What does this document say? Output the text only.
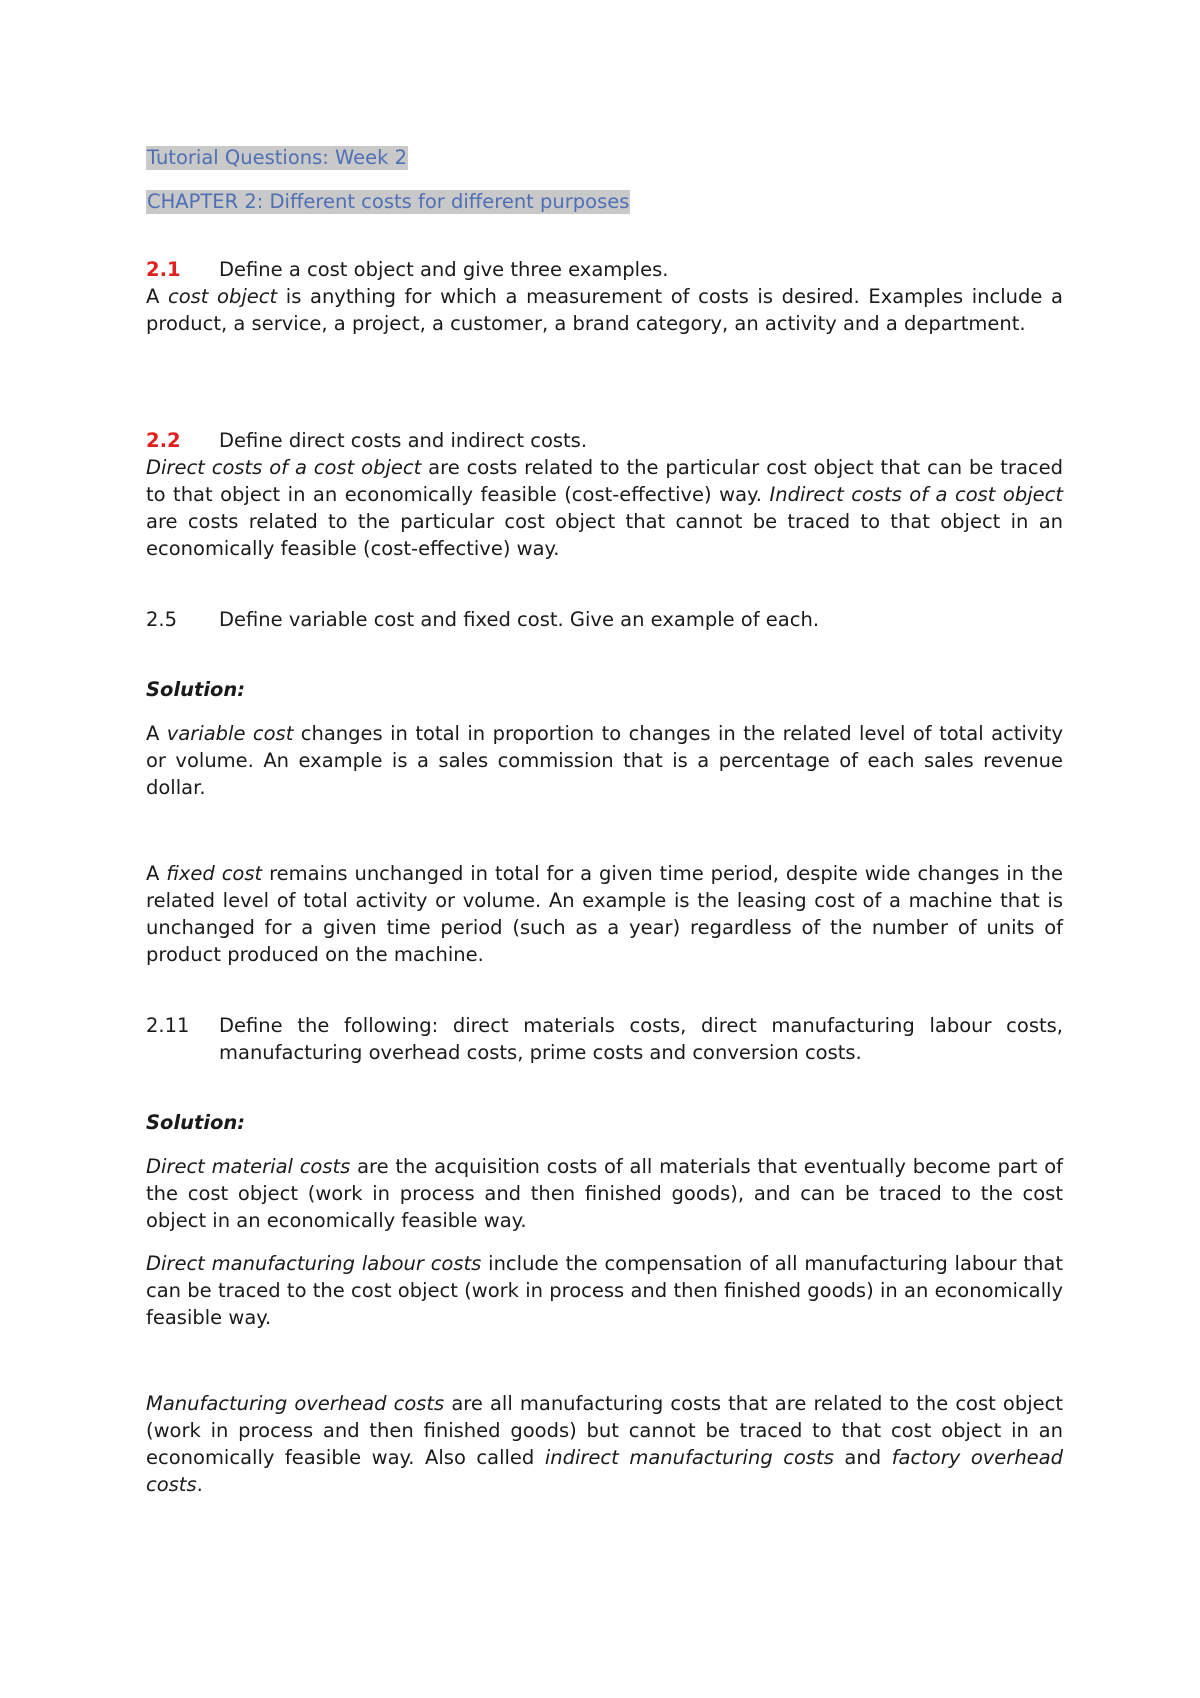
Tutorial Questions: Week 2
CHAPTER 2: Different costs for different purposes
2.1 Define a cost object and give three examples.
A cost object is anything for which a measurement of costs is desired. Examples include a product, a service, a project, a customer, a brand category, an activity and a department.
2.2 Define direct costs and indirect costs.
Direct costs of a cost object are costs related to the particular cost object that can be traced to that object in an economically feasible (cost-effective) way. Indirect costs of a cost object are costs related to the particular cost object that cannot be traced to that object in an economically feasible (cost-effective) way.
2.5 Define variable cost and fixed cost. Give an example of each.
Solution:
A variable cost changes in total in proportion to changes in the related level of total activity or volume. An example is a sales commission that is a percentage of each sales revenue dollar.
A fixed cost remains unchanged in total for a given time period, despite wide changes in the related level of total activity or volume. An example is the leasing cost of a machine that is unchanged for a given time period (such as a year) regardless of the number of units of product produced on the machine.
2.11	Define the following: direct materials costs, direct manufacturing labour costs, manufacturing overhead costs, prime costs and conversion costs.
Solution:
Direct material costs are the acquisition costs of all materials that eventually become part of the cost object (work in process and then finished goods), and can be traced to the cost object in an economically feasible way.
Direct manufacturing labour costs include the compensation of all manufacturing labour that can be traced to the cost object (work in process and then finished goods) in an economically feasible way.
Manufacturing overhead costs are all manufacturing costs that are related to the cost object (work in process and then finished goods) but cannot be traced to that cost object in an economically feasible way. Also called indirect manufacturing costs and factory overhead costs.
